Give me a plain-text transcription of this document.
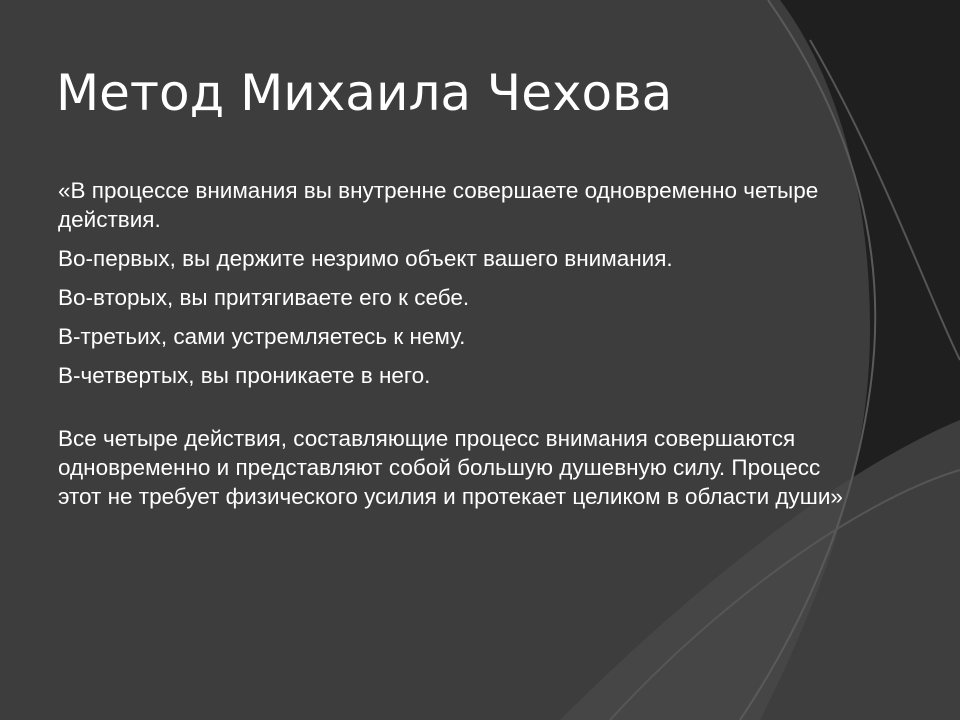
Метод Михаила Чехова

«В процессе внимания вы внутренне совершаете одновременно четыре действия.

Во-первых, вы держите незримо объект вашего внимания.

Во-вторых, вы притягиваете его к себе.

В-третьих, сами устремляетесь к нему.

В-четвертых, вы проникаете в него.

Все четыре действия, составляющие процесс внимания совершаются одновременно и представляют собой большую душевную силу. Процесс этот не требует физического усилия и протекает целиком в области души»
